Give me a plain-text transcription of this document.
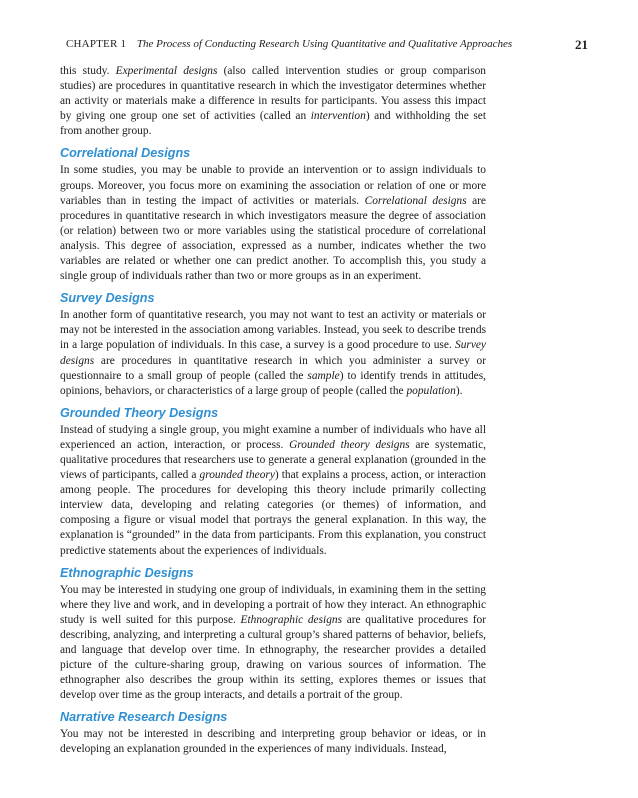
CHAPTER 1 The Process of Conducting Research Using Quantitative and Qualitative Approaches	21

this study. Experimental designs (also called intervention studies or group comparison studies) are procedures in quantitative research in which the investigator determines whether an activity or materials make a difference in results for participants. You assess this impact by giving one group one set of activities (called an intervention) and withholding the set from another group.

Correlational Designs

In some studies, you may be unable to provide an intervention or to assign individuals to groups. Moreover, you focus more on examining the association or relation of one or more variables than in testing the impact of activities or materials. Correlational designs are procedures in quantitative research in which investigators measure the degree of association (or relation) between two or more variables using the statistical procedure of correlational analysis. This degree of association, expressed as a number, indicates whether the two variables are related or whether one can predict another. To accomplish this, you study a single group of individuals rather than two or more groups as in an experiment.

Survey Designs

In another form of quantitative research, you may not want to test an activity or materials or may not be interested in the association among variables. Instead, you seek to describe trends in a large population of individuals. In this case, a survey is a good procedure to use. Survey designs are procedures in quantitative research in which you administer a survey or questionnaire to a small group of people (called the sample) to identify trends in attitudes, opinions, behaviors, or characteristics of a large group of people (called the population).

Grounded Theory Designs

Instead of studying a single group, you might examine a number of individuals who have all experienced an action, interaction, or process. Grounded theory designs are systematic, qualitative procedures that researchers use to generate a general explanation (grounded in the views of participants, called a grounded theory) that explains a process, action, or interaction among people. The procedures for developing this theory include primarily collecting interview data, developing and relating categories (or themes) of information, and composing a figure or visual model that portrays the general explanation. In this way, the explanation is “grounded” in the data from participants. From this explanation, you construct predictive statements about the experiences of individuals.

Ethnographic Designs

You may be interested in studying one group of individuals, in examining them in the setting where they live and work, and in developing a portrait of how they interact. An ethnographic study is well suited for this purpose. Ethnographic designs are qualitative procedures for describing, analyzing, and interpreting a cultural group’s shared patterns of behavior, beliefs, and language that develop over time. In ethnography, the researcher provides a detailed picture of the culture-sharing group, drawing on various sources of information. The ethnographer also describes the group within its setting, explores themes or issues that develop over time as the group interacts, and details a portrait of the group.

Narrative Research Designs

You may not be interested in describing and interpreting group behavior or ideas, or in developing an explanation grounded in the experiences of many individuals. Instead,
